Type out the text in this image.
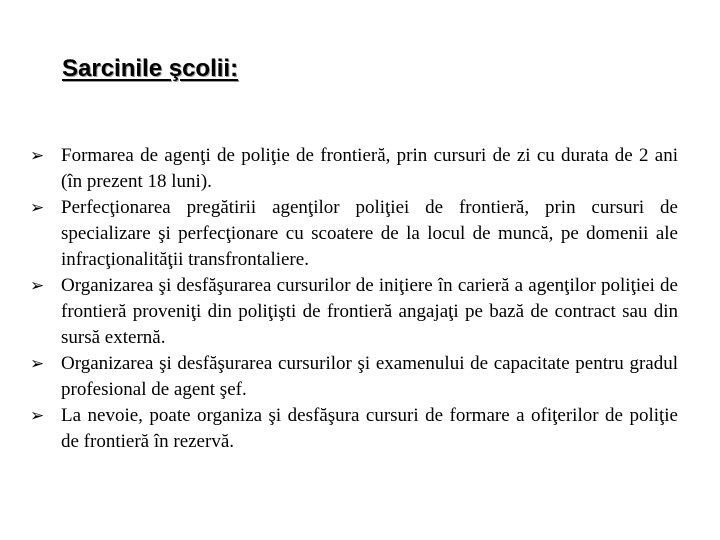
Sarcinile şcolii:
➢ Formarea de agenţi de poliţie de frontieră, prin cursuri de zi cu durata de 2 ani (în prezent 18 luni).
➢ Perfecţionarea pregătirii agenţilor poliţiei de frontieră, prin cursuri de specializare şi perfecţionare cu scoatere de la locul de muncă, pe domenii ale infracţionalităţii transfrontaliere.
➢ Organizarea şi desfăşurarea cursurilor de iniţiere în carieră a agenţilor poliţiei de frontieră proveniţi din poliţişti de frontieră angajaţi pe bază de contract sau din sursă externă.
➢ Organizarea şi desfăşurarea cursurilor şi examenului de capacitate pentru gradul profesional de agent şef.
➢ La nevoie, poate organiza şi desfăşura cursuri de formare a ofiţerilor de poliţie de frontieră în rezervă.
